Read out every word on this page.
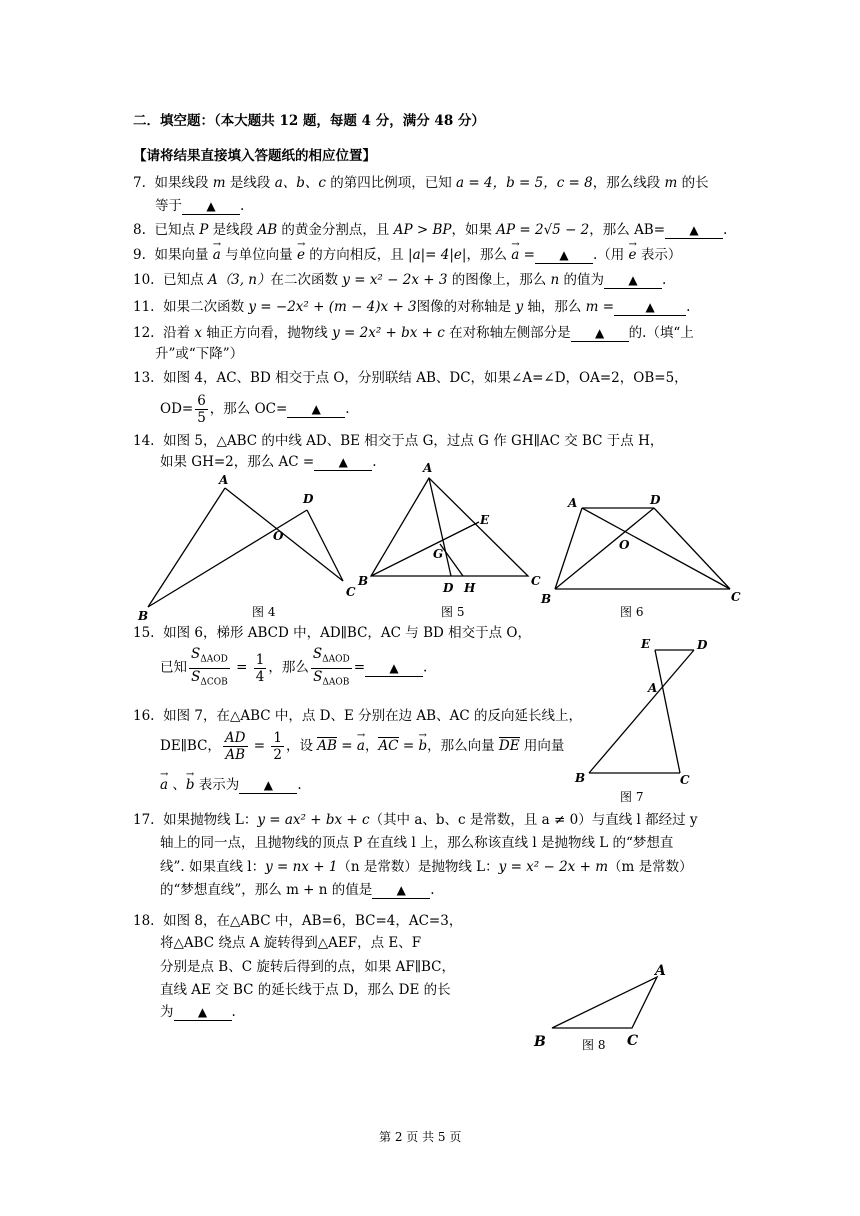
二．填空题：（本大题共 12 题，每题 4 分，满分 48 分）
【请将结果直接填入答题纸的相应位置】
7. 如果线段 m 是线段 a、b、c 的第四比例项，已知 a = 4，b = 5，c = 8，那么线段 m 的长
等于 ▲ .
8. 已知点 P 是线段 AB 的黄金分割点，且 AP > BP，如果 AP = 2√5 − 2，那么 AB= ▲ .
9. 如果向量 → a 与单位向量 → e 的方向相反，且 |a|= 4|e|，那么 → a = ▲ .（用 → e 表示）
10. 已知点 A（3, n）在二次函数 y = x² − 2x + 3 的图像上，那么 n 的值为 ▲ .
11. 如果二次函数 y = −2x² + (m − 4)x + 3图像的对称轴是 y 轴，那么 m =	▲ .
12. 沿着 x 轴正方向看，抛物线 y = 2x² + bx + c 在对称轴左侧部分是 ▲ 的.（填“上
升”或“下降”）
13. 如图 4，AC、BD 相交于点 O，分别联结 AB、DC，如果∠A=∠D，OA=2，OB=5，
$OD= \frac{6}{5}$ ，那么 OC= ▲ .
14. 如图 5，△ABC 的中线 AD、BE 相交于点 G，过点 G 作 GH∥AC 交 BC 于点 H，
如果 GH=2，那么 AC = ▲ .
A
B
C
D
O
图 4
A
B	C
D
E
G
H
图 5
A
B	C
D
O
图 6
15. 如图 6，梯形 ABCD 中，AD∥BC，AC 与 BD 相交于点 O，
已知 $\frac{S_{\Delta AOD}}{S_{\Delta COB}} = \frac{1}{4}$ ，那么 $\frac{S_{\Delta AOD}}{S_{\Delta AOB}}$ = ▲ .
E	D
A
B	C
图 7
16. 如图 7，在△ABC 中，点 D、E 分别在边 AB、AC 的反向延长线上，
DE∥BC， $\frac{AD}{AB} = \frac{1}{2}$ ，设 AB = → a，AC = → b，那么向量 DE 用向量
→ a 、→ b 表示为 ▲ .
17. 如果抛物线 L：y = ax² + bx + c（其中 a、b、c 是常数，且 a ≠ 0）与直线 l 都经过 y
轴上的同一点，且抛物线的顶点 P 在直线 l 上，那么称该直线 l 是抛物线 L 的“梦想直
线”. 如果直线 l：y = nx + 1（n 是常数）是抛物线 L：y = x² − 2x + m（m 是常数）
的“梦想直线”，那么 m + n 的值是 ▲ .
18. 如图 8，在△ABC 中，AB=6，BC=4，AC=3，
将△ABC 绕点 A 旋转得到△AEF，点 E、F
分别是点 B、C 旋转后得到的点，如果 AF∥BC，
直线 AE 交 BC 的延长线于点 D，那么 DE 的长
为 ▲ .
A
B	C
图 8
第 2 页 共 5 页
